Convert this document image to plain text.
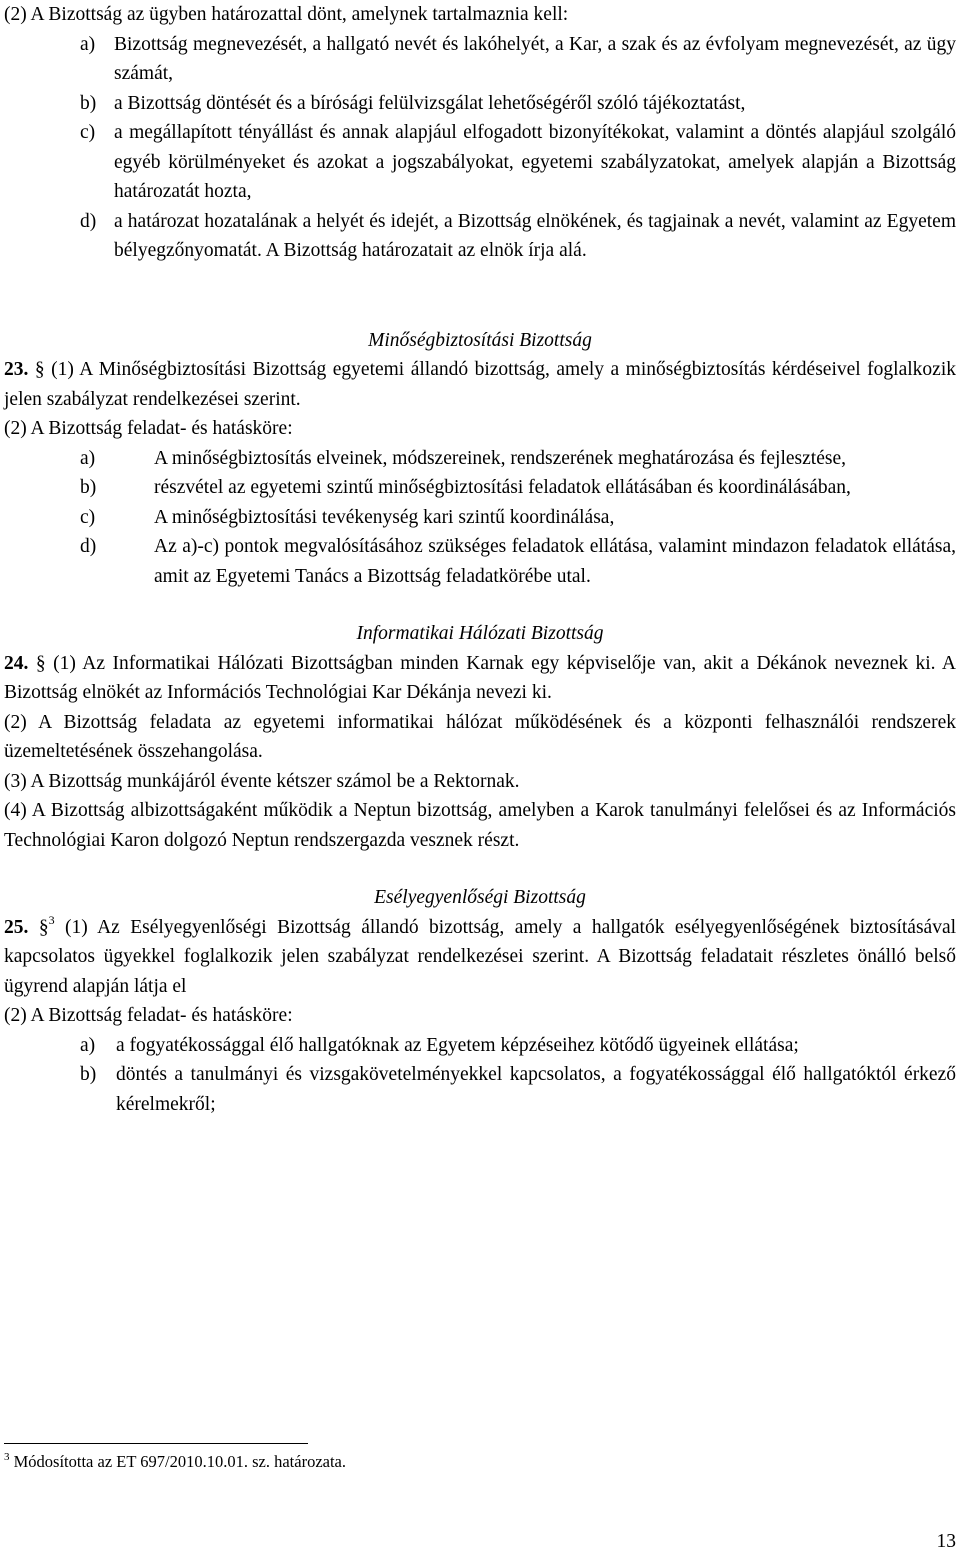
(2) A Bizottság az ügyben határozattal dönt, amelynek tartalmaznia kell:

a) Bizottság megnevezését, a hallgató nevét és lakóhelyét, a Kar, a szak és az évfolyam megnevezését, az ügy számát,
b) a Bizottság döntését és a bírósági felülvizsgálat lehetőségéről szóló tájékoztatást,
c) a megállapított tényállást és annak alapjául elfogadott bizonyítékokat, valamint a döntés alapjául szolgáló egyéb körülményeket és azokat a jogszabályokat, egyetemi szabályzatokat, amelyek alapján a Bizottság határozatát hozta,
d) a határozat hozatalának a helyét és idejét, a Bizottság elnökének, és tagjainak a nevét, valamint az Egyetem bélyegzőnyomatát. A Bizottság határozatait az elnök írja alá.

Minőségbiztosítási Bizottság

23. § (1) A Minőségbiztosítási Bizottság egyetemi állandó bizottság, amely a minőségbiztosítás kérdéseivel foglalkozik jelen szabályzat rendelkezései szerint.

(2) A Bizottság feladat- és hatásköre:

a)	A minőségbiztosítás elveinek, módszereinek, rendszerének meghatározása és fejlesztése,
b)	részvétel az egyetemi szintű minőségbiztosítási feladatok ellátásában és koordinálásában,
c)	A minőségbiztosítási tevékenység kari szintű koordinálása,
d)	Az a)-c) pontok megvalósításához szükséges feladatok ellátása, valamint mindazon feladatok ellátása, amit az Egyetemi Tanács a Bizottság feladatkörébe utal.

Informatikai Hálózati Bizottság

24. § (1) Az Informatikai Hálózati Bizottságban minden Karnak egy képviselője van, akit a Dékánok neveznek ki. A Bizottság elnökét az Információs Technológiai Kar Dékánja nevezi ki.

(2) A Bizottság feladata az egyetemi informatikai hálózat működésének és a központi felhasználói rendszerek üzemeltetésének összehangolása.

(3) A Bizottság munkájáról évente kétszer számol be a Rektornak.

(4) A Bizottság albizottságaként működik a Neptun bizottság, amelyben a Karok tanulmányi felelősei és az Információs Technológiai Karon dolgozó Neptun rendszergazda vesznek részt.

Esélyegyenlőségi Bizottság

25. §$^3$ (1) Az Esélyegyenlőségi Bizottság állandó bizottság, amely a hallgatók esélyegyenlőségének biztosításával kapcsolatos ügyekkel foglalkozik jelen szabályzat rendelkezései szerint. A Bizottság feladatait részletes önálló belső ügyrend alapján látja el

(2) A Bizottság feladat- és hatásköre:

a)	a fogyatékossággal élő hallgatóknak az Egyetem képzéseihez kötődő ügyeinek ellátása;
b)	döntés a tanulmányi és vizsgakövetelményekkel kapcsolatos, a fogyatékossággal élő hallgatóktól érkező kérelmekről;
$^3$ Módosította az ET 697/2010.10.01. sz. határozata.
13
